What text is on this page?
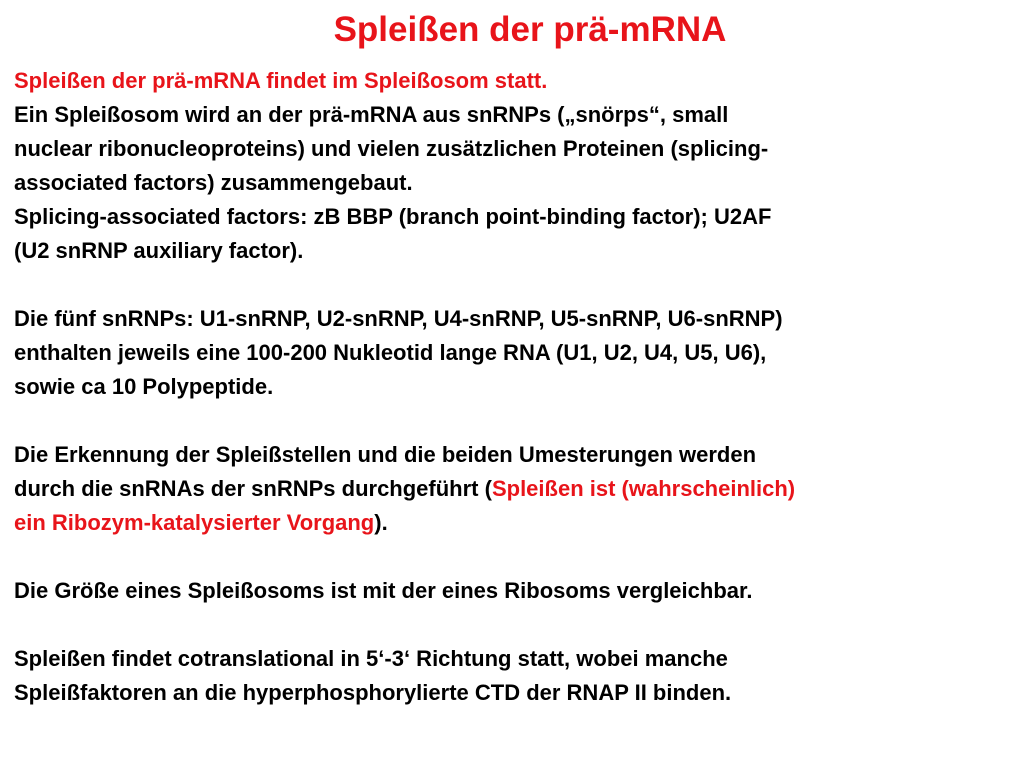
Spleißen der prä-mRNA
Spleißen der prä-mRNA findet im Spleißosom statt.
Ein Spleißosom wird an der prä-mRNA aus snRNPs („snörps“, small
nuclear ribonucleoproteins) und vielen zusätzlichen Proteinen (splicing-
associated factors) zusammengebaut.
Splicing-associated factors: zB BBP (branch point-binding factor); U2AF
(U2 snRNP auxiliary factor).
Die fünf snRNPs: U1-snRNP, U2-snRNP, U4-snRNP, U5-snRNP, U6-snRNP)
enthalten jeweils eine 100-200 Nukleotid lange RNA (U1, U2, U4, U5, U6),
sowie ca 10 Polypeptide.
Die Erkennung der Spleißstellen und die beiden Umesterungen werden
durch die snRNAs der snRNPs durchgeführt (Spleißen ist (wahrscheinlich)
ein Ribozym-katalysierter Vorgang).
Die Größe eines Spleißosoms ist mit der eines Ribosoms vergleichbar.
Spleißen findet cotranslational in 5‘-3‘ Richtung statt, wobei manche
Spleißfaktoren an die hyperphosphorylierte CTD der RNAP II binden.
